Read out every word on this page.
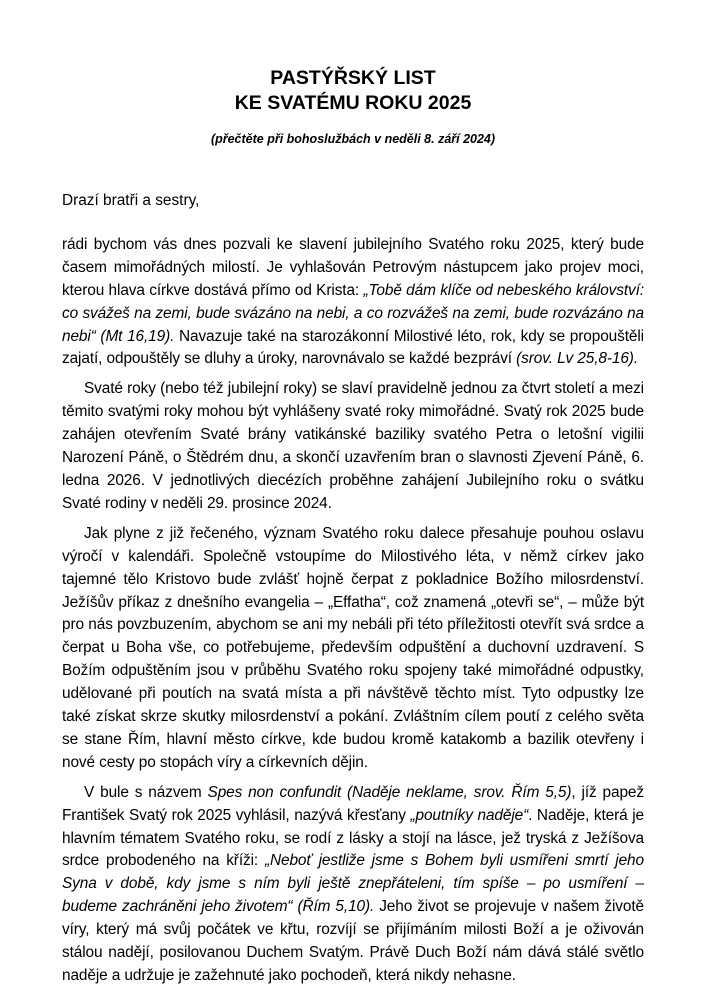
PASTÝŘSKÝ LIST
KE SVATÉMU ROKU 2025

(přečtěte při bohoslužbách v neděli 8. září 2024)

Drazí bratři a sestry,

rádi bychom vás dnes pozvali ke slavení jubilejního Svatého roku 2025, který bude časem mimořádných milostí. Je vyhlašován Petrovým nástupcem jako projev moci, kterou hlava církve dostává přímo od Krista: „Tobě dám klíče od nebeského království: co svážeš na zemi, bude svázáno na nebi, a co rozvážeš na zemi, bude rozvázáno na nebi“ (Mt 16,19). Navazuje také na starozákonní Milostivé léto, rok, kdy se propouštěli zajatí, odpouštěly se dluhy a úroky, narovnávalo se každé bezpráví (srov. Lv 25,8-16).

Svaté roky (nebo též jubilejní roky) se slaví pravidelně jednou za čtvrt století a mezi těmito svatými roky mohou být vyhlášeny svaté roky mimořádné. Svatý rok 2025 bude zahájen otevřením Svaté brány vatikánské baziliky svatého Petra o letošní vigilii Narození Páně, o Štědrém dnu, a skončí uzavřením bran o slavnosti Zjevení Páně, 6. ledna 2026. V jednotlivých diecézích proběhne zahájení Jubilejního roku o svátku Svaté rodiny v neděli 29. prosince 2024.

Jak plyne z již řečeného, význam Svatého roku dalece přesahuje pouhou oslavu výročí v kalendáři. Společně vstoupíme do Milostivého léta, v němž církev jako tajemné tělo Kristovo bude zvlášť hojně čerpat z pokladnice Božího milosrdenství. Ježíšův příkaz z dnešního evangelia – „Effatha“, což znamená „otevři se“, – může být pro nás povzbuzením, abychom se ani my nebáli při této příležitosti otevřít svá srdce a čerpat u Boha vše, co potřebujeme, především odpuštění a duchovní uzdravení. S Božím odpuštěním jsou v průběhu Svatého roku spojeny také mimořádné odpustky, udělované při poutích na svatá místa a při návštěvě těchto míst. Tyto odpustky lze také získat skrze skutky milosrdenství a pokání. Zvláštním cílem poutí z celého světa se stane Řím, hlavní město církve, kde budou kromě katakomb a bazilik otevřeny i nové cesty po stopách víry a církevních dějin.

V bule s názvem Spes non confundit (Naděje neklame, srov. Řím 5,5), jíž papež František Svatý rok 2025 vyhlásil, nazývá křesťany „poutníky naděje“. Naděje, která je hlavním tématem Svatého roku, se rodí z lásky a stojí na lásce, jež tryská z Ježíšova srdce probodeného na kříži: „Neboť jestliže jsme s Bohem byli usmířeni smrtí jeho Syna v době, kdy jsme s ním byli ještě znepřáteleni, tím spíše – po usmíření – budeme zachráněni jeho životem“ (Řím 5,10). Jeho život se projevuje v našem životě víry, který má svůj počátek ve křtu, rozvíjí se přijímáním milosti Boží a je oživován stálou nadějí, posilovanou Duchem Svatým. Právě Duch Boží nám dává stálé světlo naděje a udržuje je zažehnuté jako pochodeň, která nikdy nehasne.
